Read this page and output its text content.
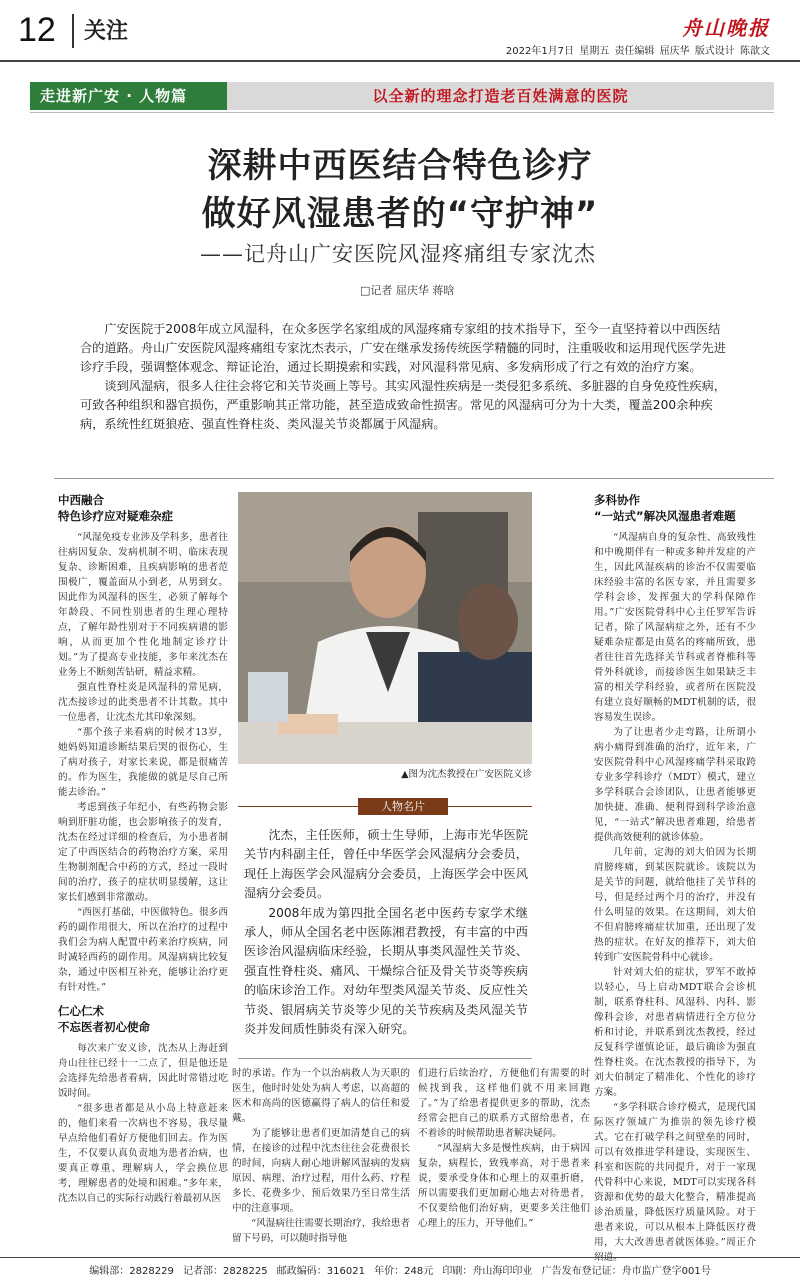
12 关注	舟山晚报
2022年1月7日 星期五 责任编辑 屈庆华 版式设计 陈歆文
走进新广安 · 人物篇	以全新的理念打造老百姓满意的医院
深耕中西医结合特色诊疗
做好风湿患者的“守护神”
——记舟山广安医院风湿疼痛组专家沈杰
□记者 屈庆华 蒋晗

广安医院于2008年成立风湿科，在众多医学名家组成的风湿疼痛专家组的技术指导下，至今一直坚持着以中西医结合的道路。舟山广安医院风湿疼痛组专家沈杰表示，广安在继承发扬传统医学精髓的同时，注重吸收和运用现代医学先进诊疗手段，强调整体观念、辩证论治，通过长期摸索和实践，对风湿科常见病、多发病形成了行之有效的治疗方案。

谈到风湿病，很多人往往会将它和关节炎画上等号。其实风湿性疾病是一类侵犯多系统、多脏器的自身免疫性疾病，可致各种组织和器官损伤，严重影响其正常功能，甚至造成致命性损害。常见的风湿病可分为十大类，覆盖200余种疾病，系统性红斑狼疮、强直性脊柱炎、类风湿关节炎都属于风湿病。

中西融合
特色诊疗应对疑难杂症

“风湿免疫专业涉及学科多，患者往往病因复杂、发病机制不明、临床表现复杂、诊断困难，且疾病影响的患者范围极广，覆盖面从小到老，从男到女。因此作为风湿科的医生，必须了解每个年龄段、不同性别患者的生理心理特点，了解年龄性别对于不同疾病谱的影响，从而更加个性化地制定诊疗计划。”为了提高专业技能，多年来沈杰在业务上不断刻苦钻研，精益求精。

强直性脊柱炎是风湿科的常见病，沈杰接诊过的此类患者不计其数。其中一位患者，让沈杰尤其印象深刻。

“那个孩子来看病的时候才13岁，她妈妈知道诊断结果后哭的很伤心，生了病对孩子，对家长来说，都是很痛苦的。作为医生，我能做的就是尽自己所能去诊治。”

考虑到孩子年纪小，有些药物会影响到肝脏功能，也会影响孩子的发育，沈杰在经过详细的检查后，为小患者制定了中西医结合的药物治疗方案，采用生物制剂配合中药的方式，经过一段时间的治疗，孩子的症状明显缓解，这让家长们感到非常激动。

“西医打基础，中医做特色。很多西药的副作用很大，所以在治疗的过程中我们会为病人配置中药来治疗疾病，同时减轻西药的副作用。风湿病病比较复杂，通过中医相互补充，能够让治疗更有针对性。”

仁心仁术
不忘医者初心使命

每次来广安义诊，沈杰从上海赶到舟山往往已经十一二点了，但是他还是会选择先给患者看病，因此时常错过吃饭时间。

“很多患者都是从小岛上特意赶来的，他们来看一次病也不容易，我尽量早点给他们看好方便他们回去。作为医生，不仅要认真负责地为患者治病，也要真正尊重、理解病人，学会换位思考，理解患者的处境和困难。”多年来，沈杰以自己的实际行动践行着最初从医

▲图为沈杰教授在广安医院义诊
人物名片

沈杰，主任医师，硕士生导师，上海市光华医院关节内科副主任，曾任中华医学会风湿病分会委员，现任上海医学会风湿病分会委员，上海医学会中医风湿病分会委员。

2008年成为第四批全国名老中医药专家学术继承人，师从全国名老中医陈湘君教授，有丰富的中西医诊治风湿病临床经验，长期从事类风湿性关节炎、强直性脊柱炎、痛风、干燥综合征及骨关节炎等疾病的临床诊治工作。对幼年型类风湿关节炎、反应性关节炎、银屑病关节炎等少见的关节疾病及类风湿关节炎并发间质性肺炎有深入研究。

时的承诺。作为一个以治病救人为天职的医生，他时时处处为病人考虑，以高超的医术和高尚的医德赢得了病人的信任和爱戴。

为了能够让患者们更加清楚自己的病情，在接诊的过程中沈杰往往会花费很长的时间，向病人耐心地讲解风湿病的发病原因、病理、治疗过程，用什么药、疗程多长、花费多少、预后效果乃至日常生活中的注意事项。

“风湿病往往需要长期治疗，我给患者留下号码，可以随时指导他

们进行后续治疗，方便他们有需要的时候找到我，这样他们就不用来回跑了。”为了给患者提供更多的帮助，沈杰经常会把自己的联系方式留给患者，在不着诊的时候帮助患者解决疑问。

“风湿病大多是慢性疾病，由于病因复杂，病程长，致残率高，对于患者来说，要承受身体和心理上的双重折磨，所以需要我们更加耐心地去对待患者，不仅要给他们治好病，更要多关注他们心理上的压力，开导他们。”

多科协作
“一站式”解决风湿患者难题

“风湿病自身的复杂性、高致残性和中晚期伴有一种或多种并发症的产生，因此风湿疾病的诊治不仅需要临床经验丰富的名医专家，并且需要多学科会诊，发挥强大的学科保障作用。”广安医院骨科中心主任罗军告诉记者，除了风湿病症之外，还有不少疑难杂症都是由莫名的疼痛所致，患者往往首先选择关节科或者脊椎科等骨外科就诊，而接诊医生如果缺乏丰富的相关学科经验，或者所在医院没有建立良好顺畅的MDT机制的话，很容易发生误诊。

为了让患者少走弯路，让所谓小病小痛得到准确的治疗，近年来，广安医院骨科中心风湿疼痛学科采取跨专业多学科诊疗（MDT）模式，建立多学科联合会诊团队，让患者能够更加快捷、准确、便利得到科学诊治意见，“一站式”解决患者难题，给患者提供高效便利的就诊体验。

几年前，定海的刘大伯因为长期肩膀疼痛，到某医院就诊。该院以为是关节的问题，就给他挂了关节科的号，但是经过两个月的治疗，并没有什么明显的效果。在这期间，刘大伯不但肩膀疼痛症状加重，还出现了发热的症状。在好友的推荐下，刘大伯转到广安医院骨科中心就诊。

针对刘大伯的症状，罗军不敢掉以轻心，马上启动MDT联合会诊机制，联系脊柱科、风湿科、内科、影像科会诊，对患者病情进行全方位分析和讨论，并联系到沈杰教授，经过反复科学谨慎论证，最后确诊为强直性脊柱炎。在沈杰教授的指导下，为刘大伯制定了精准化、个性化的诊疗方案。

“多学科联合诊疗模式，是现代国际医疗领域广为推崇的领先诊疗模式。它在打破学科之间壁垒的同时，可以有效推进学科建设，实现医生、科室和医院的共同提升，对于一家现代骨科中心来说，MDT可以实现各科资源和优势的最大化整合，精准提高诊治质量，降低医疗质量风险。对于患者来说，可以从根本上降低医疗费用，大大改善患者就医体验。”周正介

编辑部：2828229 记者部：2828225 邮政编码：316021 年价：248元 印刷：舟山海印印业 广告发布登记证：舟市监广登字001号
